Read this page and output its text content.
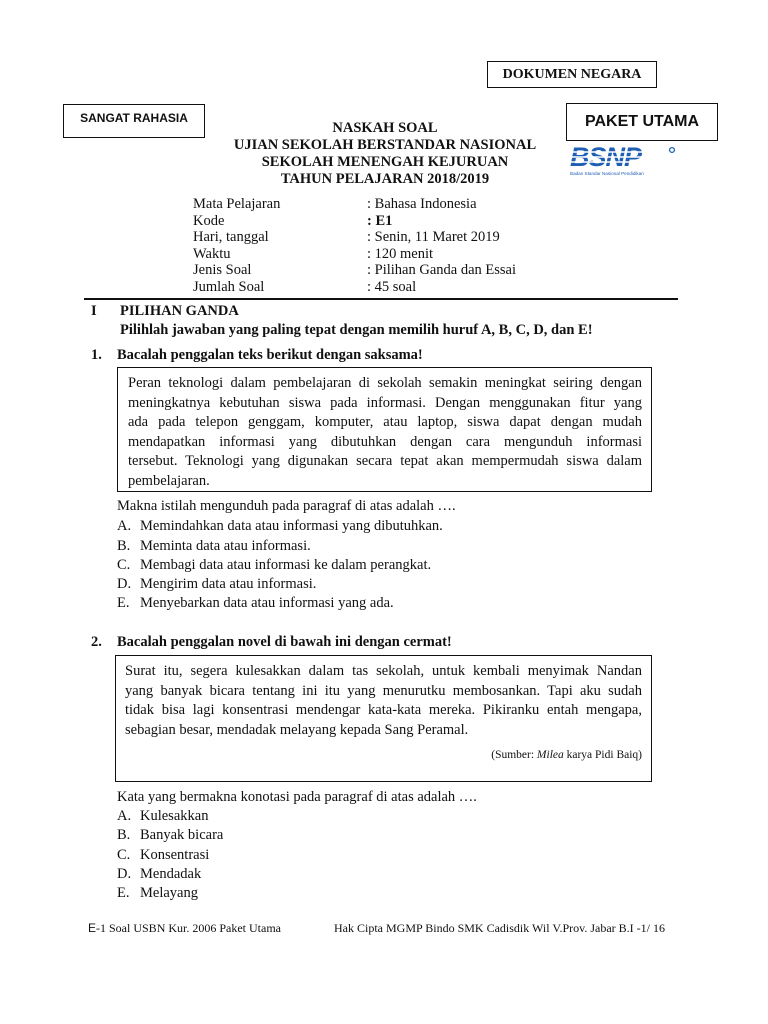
DOKUMEN NEGARA
SANGAT RAHASIA	PAKET UTAMA
NASKAH SOAL
UJIAN SEKOLAH BERSTANDAR NASIONAL
SEKOLAH MENENGAH KEJURUAN
TAHUN PELAJARAN 2018/2019
BSNP
Badan Standar Nasional Pendidikan
Mata Pelajaran	: Bahasa Indonesia
Kode	: E1
Hari, tanggal	: Senin, 11 Maret 2019
Waktu	: 120 menit
Jenis Soal	: Pilihan Ganda dan Essai
Jumlah Soal	: 45 soal
I PILIHAN GANDA
Pilihlah jawaban yang paling tepat dengan memilih huruf A, B, C, D, dan E!
1. Bacalah penggalan teks berikut dengan saksama!

Peran teknologi dalam pembelajaran di sekolah semakin meningkat seiring dengan

meningkatnya kebutuhan siswa pada informasi. Dengan menggunakan fitur yang

ada pada telepon genggam, komputer, atau laptop, siswa dapat dengan mudah

mendapatkan informasi yang dibutuhkan dengan cara mengunduh informasi

tersebut. Teknologi yang digunakan secara tepat akan mempermudah siswa dalam

pembelajaran.

Makna istilah mengunduh pada paragraf di atas adalah ….
A. Memindahkan data atau informasi yang dibutuhkan.
B. Meminta data atau informasi.
C. Membagi data atau informasi ke dalam perangkat.
D. Mengirim data atau informasi.
E. Menyebarkan data atau informasi yang ada.
2. Bacalah penggalan novel di bawah ini dengan cermat!

Surat itu, segera kulesakkan dalam tas sekolah, untuk kembali menyimak Nandan

yang banyak bicara tentang ini itu yang menurutku membosankan. Tapi aku sudah

tidak bisa lagi konsentrasi mendengar kata-kata mereka. Pikiranku entah mengapa,

sebagian besar, mendadak melayang kepada Sang Peramal.

(Sumber: Milea karya Pidi Baiq)

Kata yang bermakna konotasi pada paragraf di atas adalah ….
A. Kulesakkan
B. Banyak bicara
C. Konsentrasi
D. Mendadak
E. Melayang
E-1 Soal USBN Kur. 2006 Paket Utama	Hak Cipta MGMP Bindo SMK Cadisdik Wil V.Prov. Jabar B.I -1/ 16
